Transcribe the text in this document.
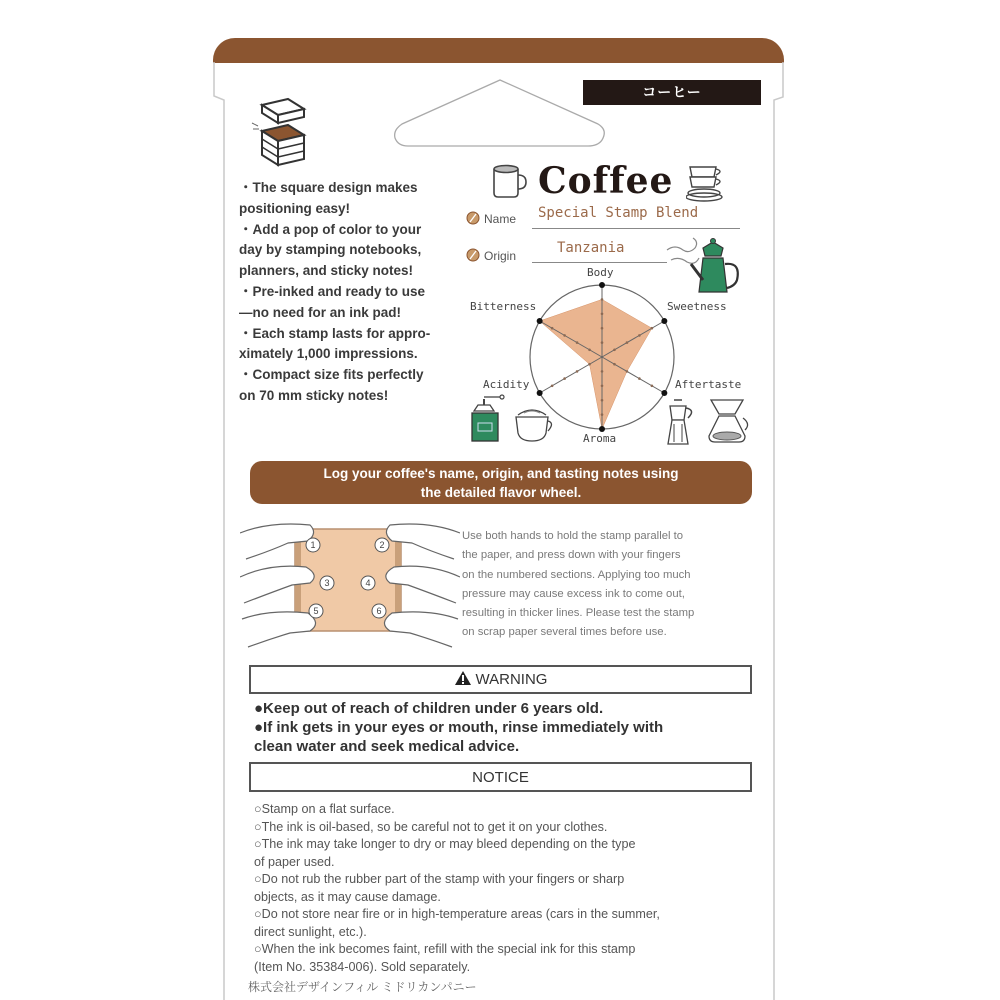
コーヒー
・The square design makes
positioning easy!
・Add a pop of color to your
day by stamping notebooks,
planners, and sticky notes!
・Pre-inked and ready to use
—no need for an ink pad!
・Each stamp lasts for appro-
ximately 1,000 impressions.
・Compact size fits perfectly
on 70 mm sticky notes!
Coffee
Name Special Stamp Blend
Origin	Tanzania
Body
Sweetness
Aftertaste
Aroma
Acidity
Bitterness
Log your coffee's name, origin, and tasting notes using
the detailed flavor wheel.
1	2
3	4
5	6
Use both hands to hold the stamp parallel to
the paper, and press down with your fingers
on the numbered sections. Applying too much
pressure may cause excess ink to come out,
resulting in thicker lines. Please test the stamp
on scrap paper several times before use.
WARNING
●Keep out of reach of children under 6 years old.
●If ink gets in your eyes or mouth, rinse immediately with
clean water and seek medical advice.
NOTICE
○Stamp on a flat surface.
○The ink is oil-based, so be careful not to get it on your clothes.
○The ink may take longer to dry or may bleed depending on the type
of paper used.
○Do not rub the rubber part of the stamp with your fingers or sharp
objects, as it may cause damage.
○Do not store near fire or in high-temperature areas (cars in the summer,
direct sunlight, etc.).
○When the ink becomes faint, refill with the special ink for this stamp
(Item No. 35384-006). Sold separately.
株式会社デザインフィル ミドリカンパニー
